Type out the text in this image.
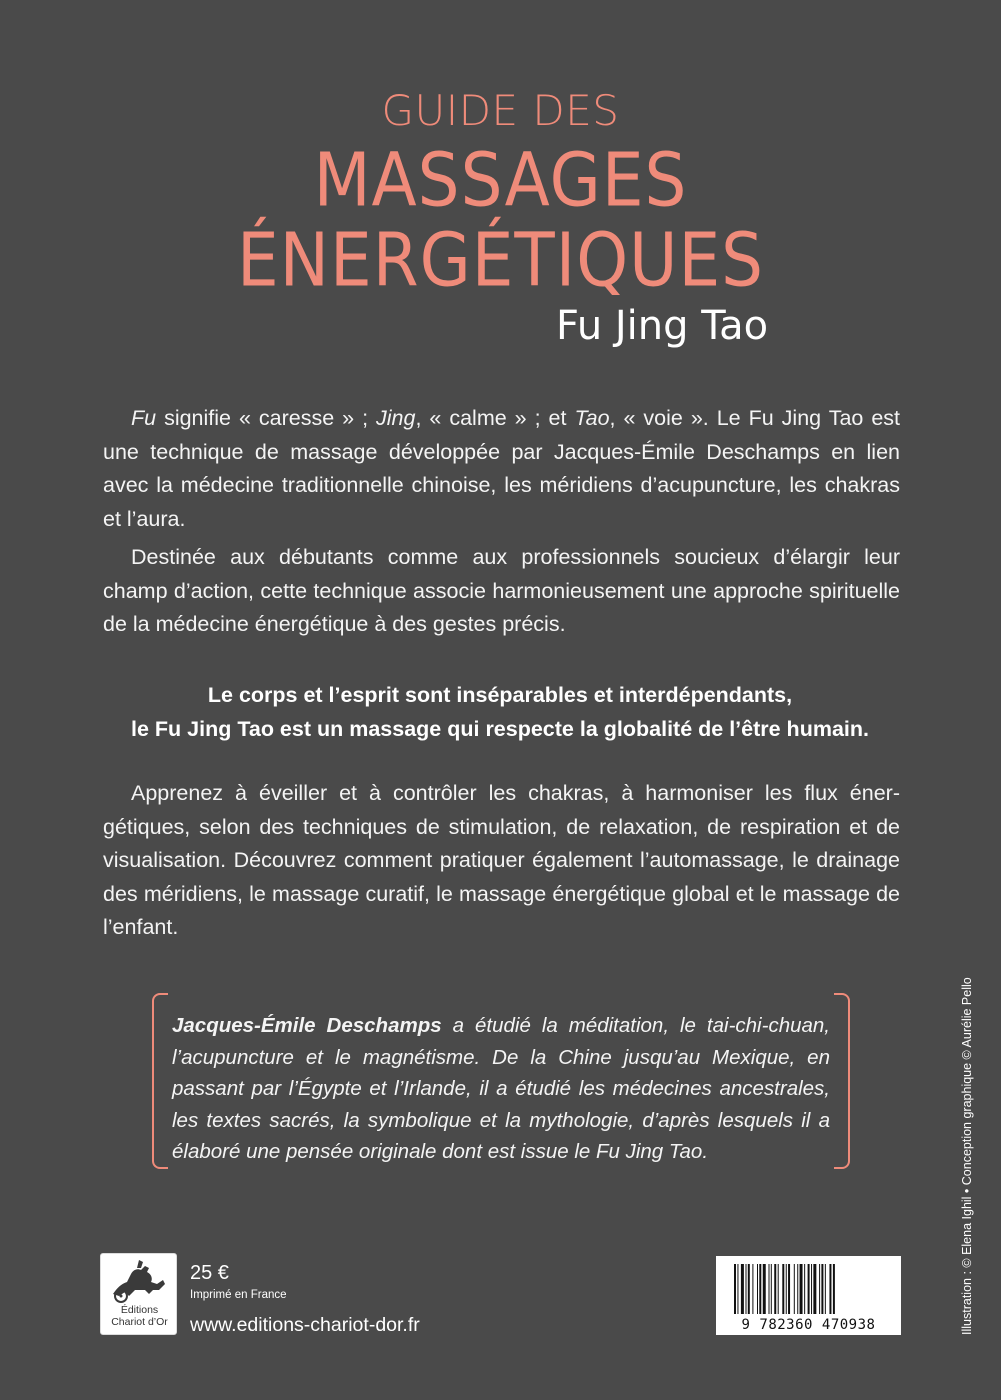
GUIDE DES
MASSAGES
ÉNERGÉTIQUES
Fu Jing Tao
Fu signifie « caresse » ; Jing, « calme » ; et Tao, « voie ». Le Fu Jing Tao est une technique de massage développée par Jacques-Émile Deschamps en lien avec la médecine traditionnelle chinoise, les méridiens d’acupuncture, les chakras et l’aura.
Destinée aux débutants comme aux professionnels soucieux d’élargir leur champ d’action, cette technique associe harmonieusement une approche spirituelle de la médecine énergétique à des gestes précis.
Le corps et l’esprit sont inséparables et interdépendants,
le Fu Jing Tao est un massage qui respecte la globalité de l’être humain.
Apprenez à éveiller et à contrôler les chakras, à harmoniser les flux énergétiques, selon des techniques de stimulation, de relaxation, de respiration et de visualisation. Découvrez comment pratiquer également l’automassage, le drainage des méridiens, le massage curatif, le massage énergétique global et le massage de l’enfant.
Jacques-Émile Deschamps a étudié la méditation, le tai-chi-chuan, l’acupuncture et le magnétisme. De la Chine jusqu’au Mexique, en passant par l’Égypte et l’Irlande, il a étudié les médecines ancestrales, les textes sacrés, la symbolique et la mythologie, d’après lesquels il a élaboré une pensée originale dont est issue le Fu Jing Tao.
Éditions
Chariot d’Or
25 €
Imprimé en France
www.editions-chariot-dor.fr	9 782360 470938	Illustration : © Elena Ighil • Conception graphique © Aurélie Pello
